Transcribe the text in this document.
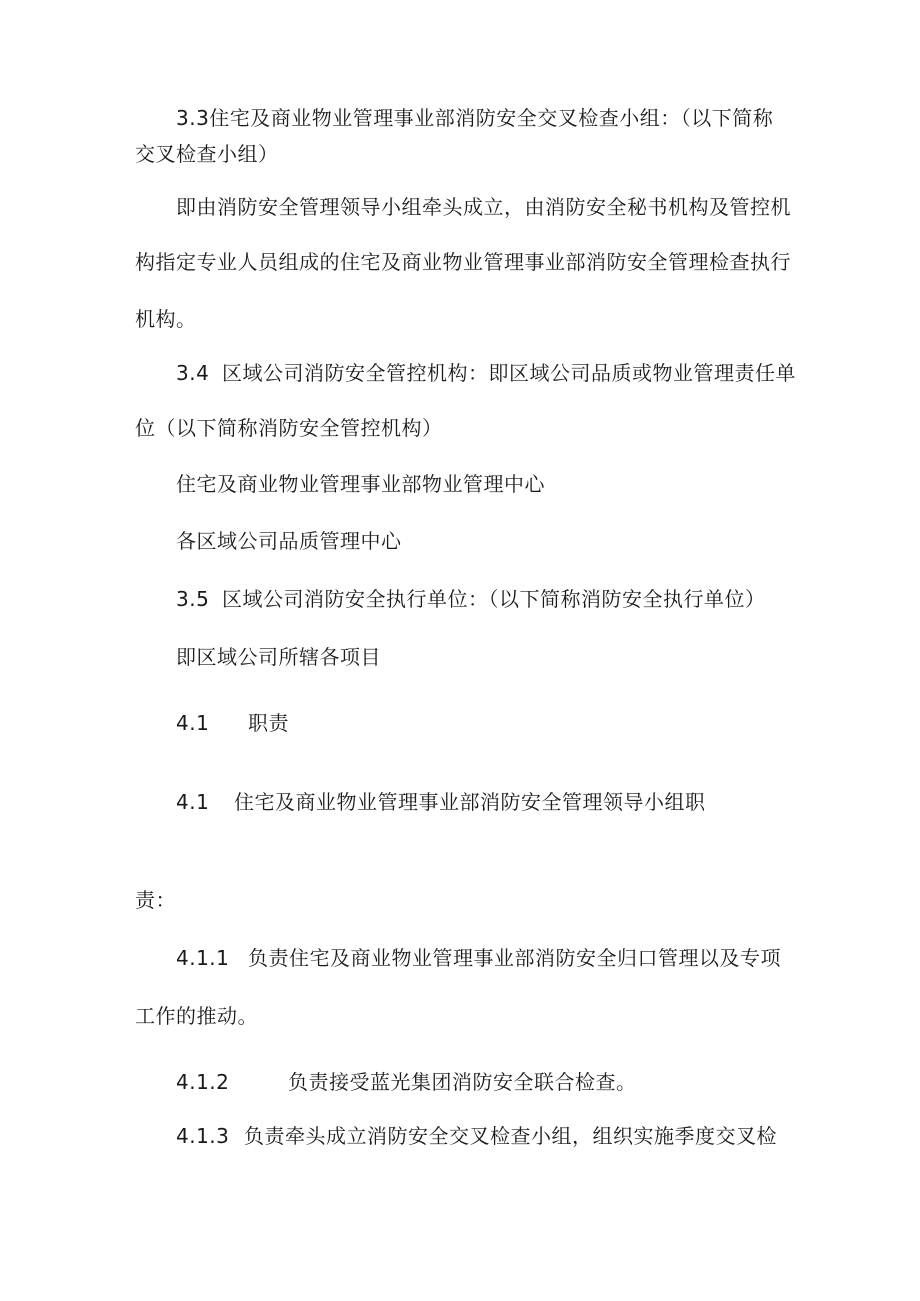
3.3住宅及商业物业管理事业部消防安全交叉检查小组：（以下简称
交叉检查小组）
即由消防安全管理领导小组牵头成立，由消防安全秘书机构及管控机
构指定专业人员组成的住宅及商业物业管理事业部消防安全管理检查执行
机构。
3.4 区域公司消防安全管控机构：即区域公司品质或物业管理责任单
位（以下简称消防安全管控机构）
住宅及商业物业管理事业部物业管理中心
各区域公司品质管理中心
3.5 区域公司消防安全执行单位：（以下简称消防安全执行单位）
即区域公司所辖各项目
4.1 职责
4.1 住宅及商业物业管理事业部消防安全管理领导小组职
责：
4.1.1 负责住宅及商业物业管理事业部消防安全归口管理以及专项
工作的推动。
4.1.2	负责接受蓝光集团消防安全联合检查。
4.1.3 负责牵头成立消防安全交叉检查小组，组织实施季度交叉检
